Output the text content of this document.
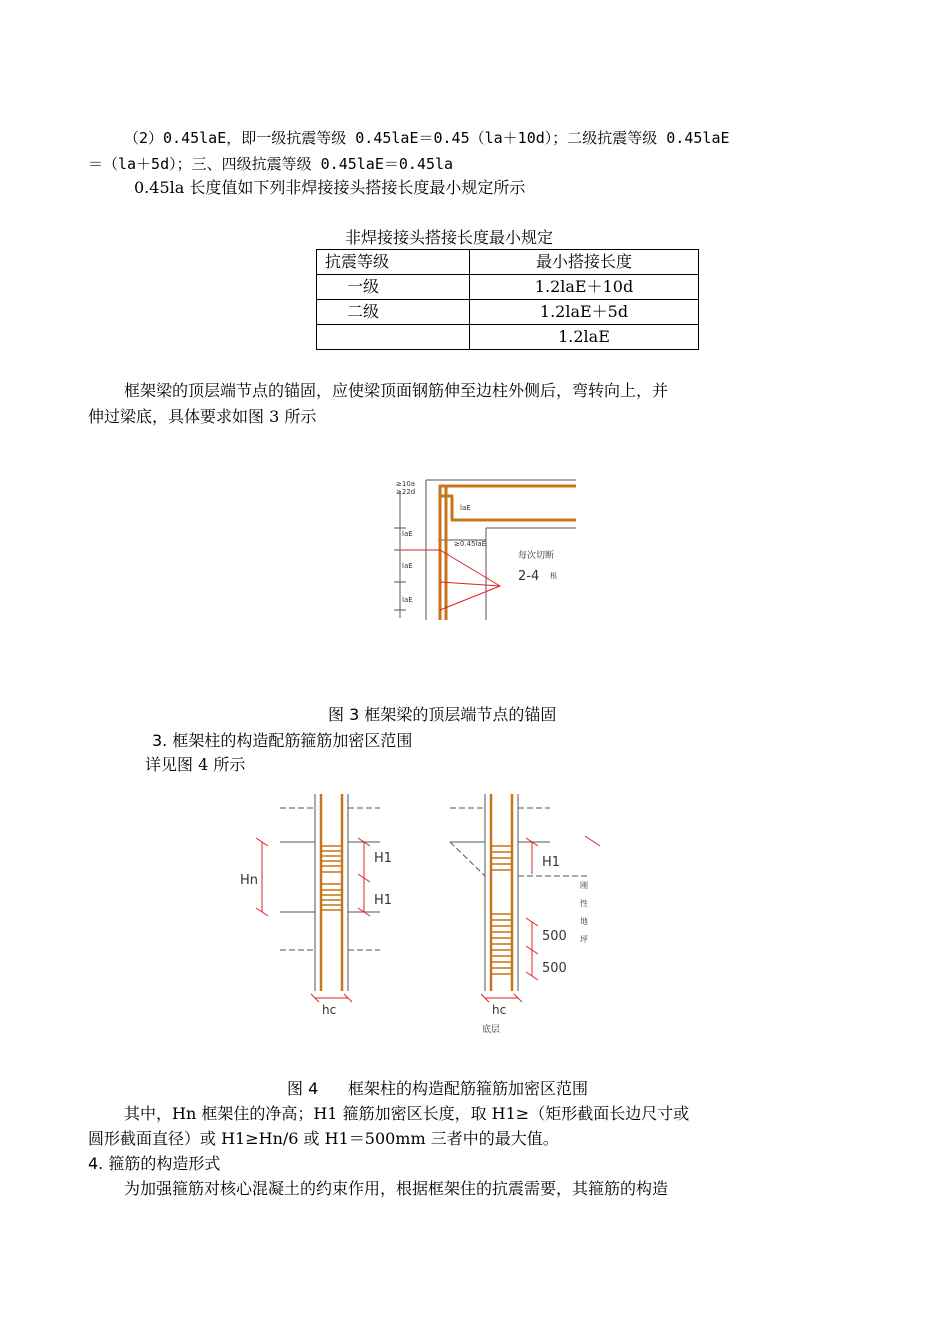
（2）0.45laE，即一级抗震等级 0.45laE＝0.45（la＋10d）；二级抗震等级 0.45laE
＝（la＋5d）；三、四级抗震等级 0.45laE＝0.45la
0.45la 长度值如下列非焊接接头搭接长度最小规定所示
非焊接接头搭接长度最小规定
抗震等级	最小搭接长度
一级	1.2laE＋10d
二级	1.2laE＋5d
	1.2laE
框架梁的顶层端节点的锚固，应使梁顶面钢筋伸至边柱外侧后，弯转向上，并
伸过梁底，具体要求如图 3 所示
≥10a
≥22d
laE
laE
laE
laE
≥0.45laE
每次切断
2-4 根
图 3 框架梁的顶层端节点的锚固
3. 框架柱的构造配筋箍筋加密区范围
详见图 4 所示
Hn
H1
H1
H1
刚
性
地
坪
500
500
hc	hc
底层
图 4 框架柱的构造配筋箍筋加密区范围
其中，Hn 框架住的净高；H1 箍筋加密区长度，取 H1≥（矩形截面长边尺寸或
圆形截面直径）或 H1≥Hn/6 或 H1＝500mm 三者中的最大值。
4. 箍筋的构造形式
为加强箍筋对核心混凝土的约束作用，根据框架住的抗震需要，其箍筋的构造
